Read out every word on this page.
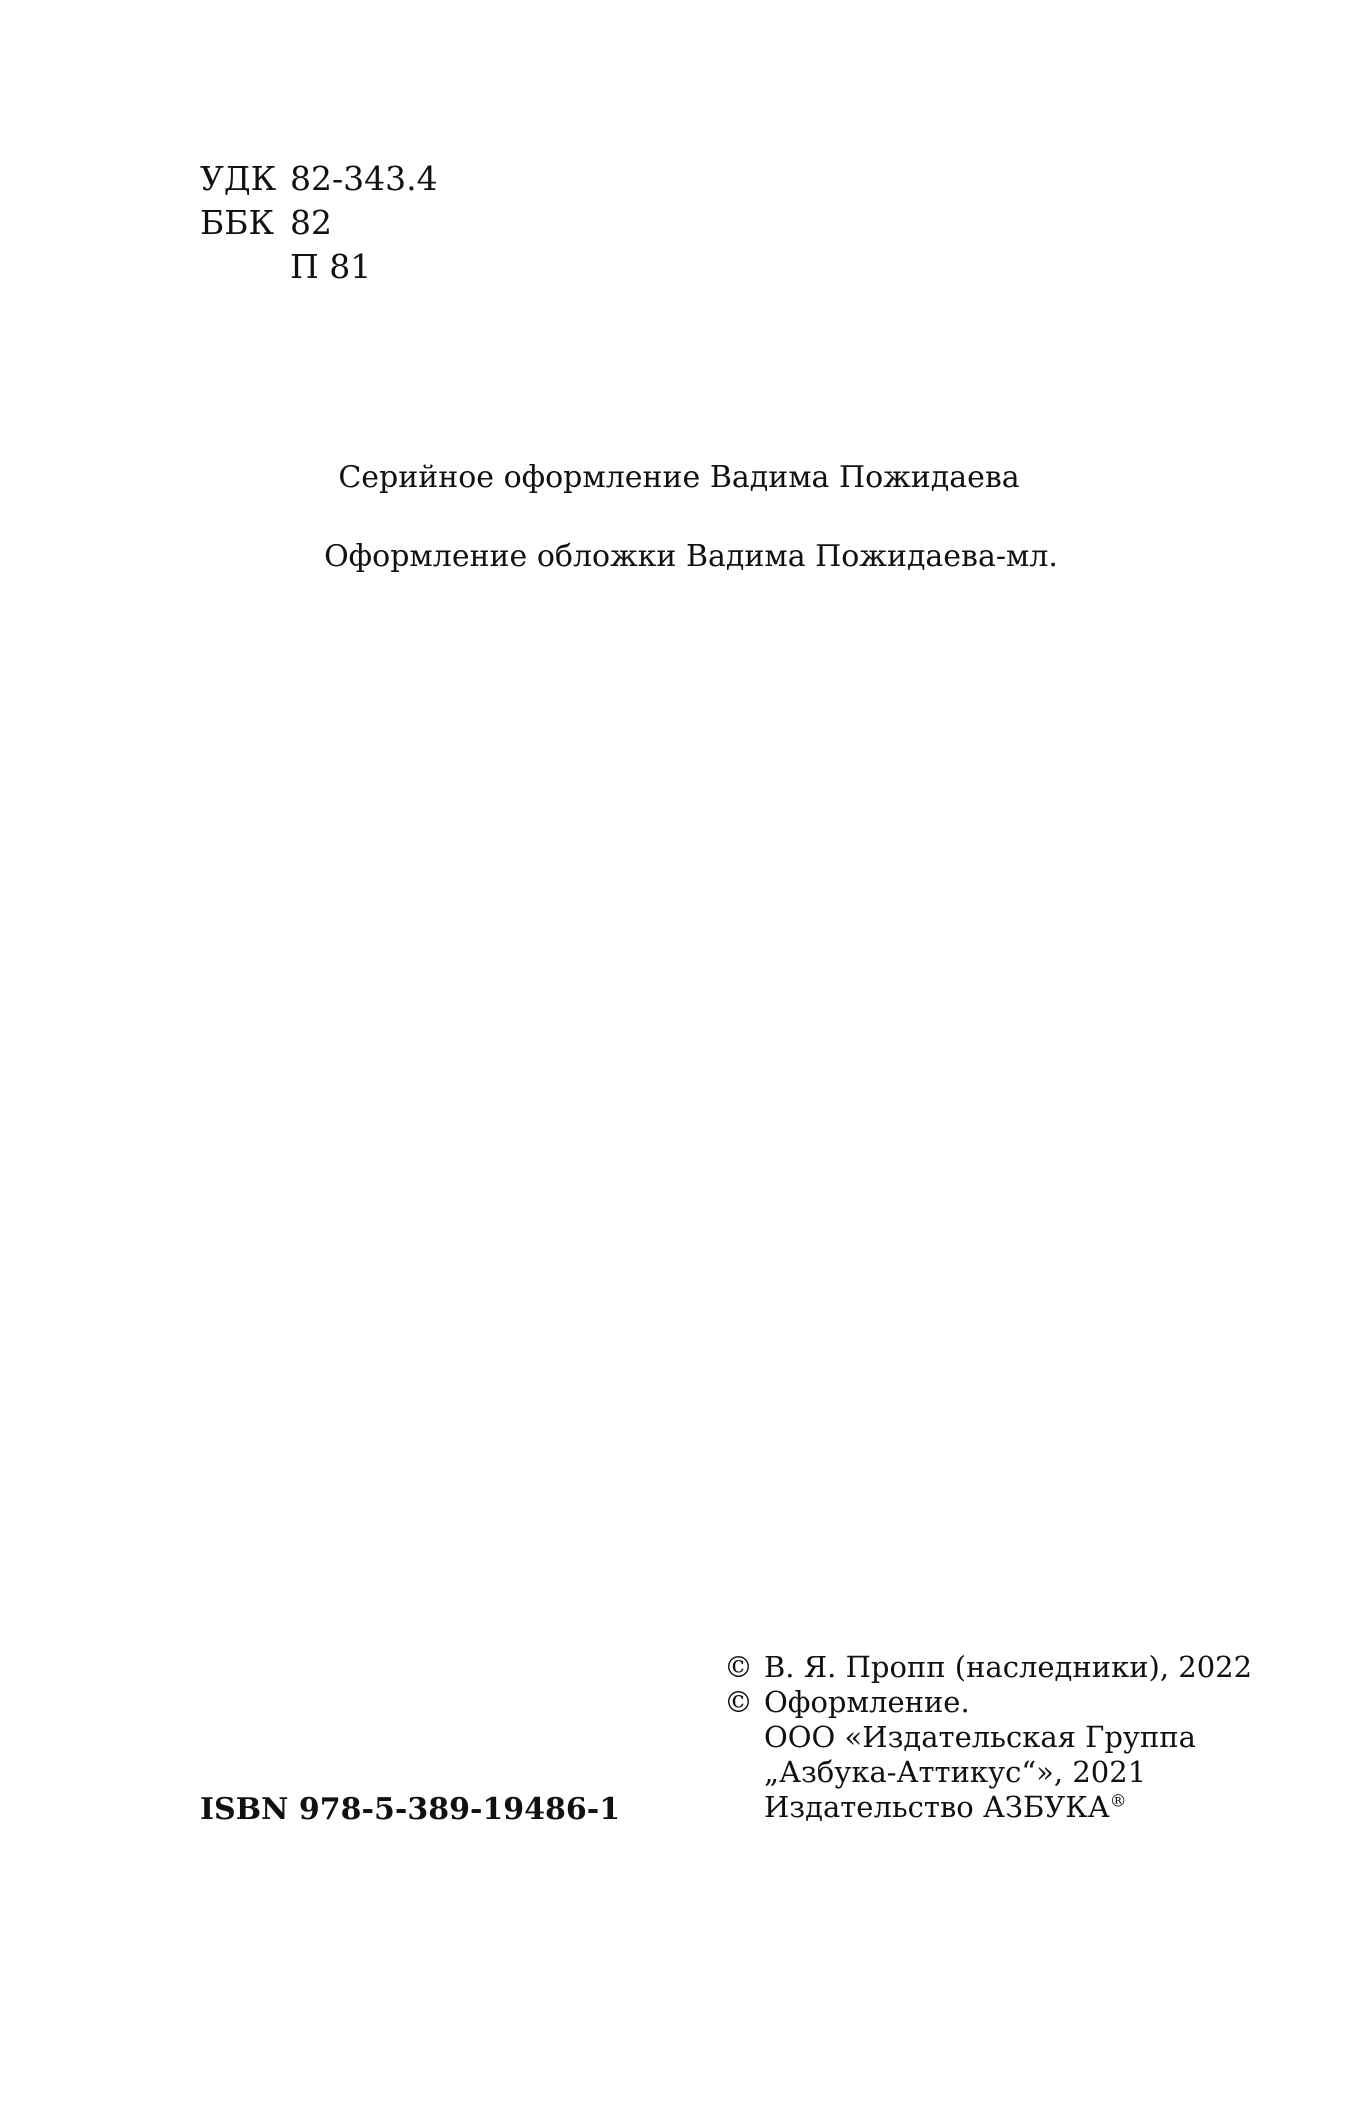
УДК 82-343.4
ББК 82
П 81
Серийное оформление Вадима Пожидаева
Оформление обложки Вадима Пожидаева-мл.
ISBN 978-5-389-19486-1
© В. Я. Пропп (наследники), 2022
© Оформление.
ООО «Издательская Группа
„Азбука-Аттикус“», 2021
Издательство АЗБУКА®
